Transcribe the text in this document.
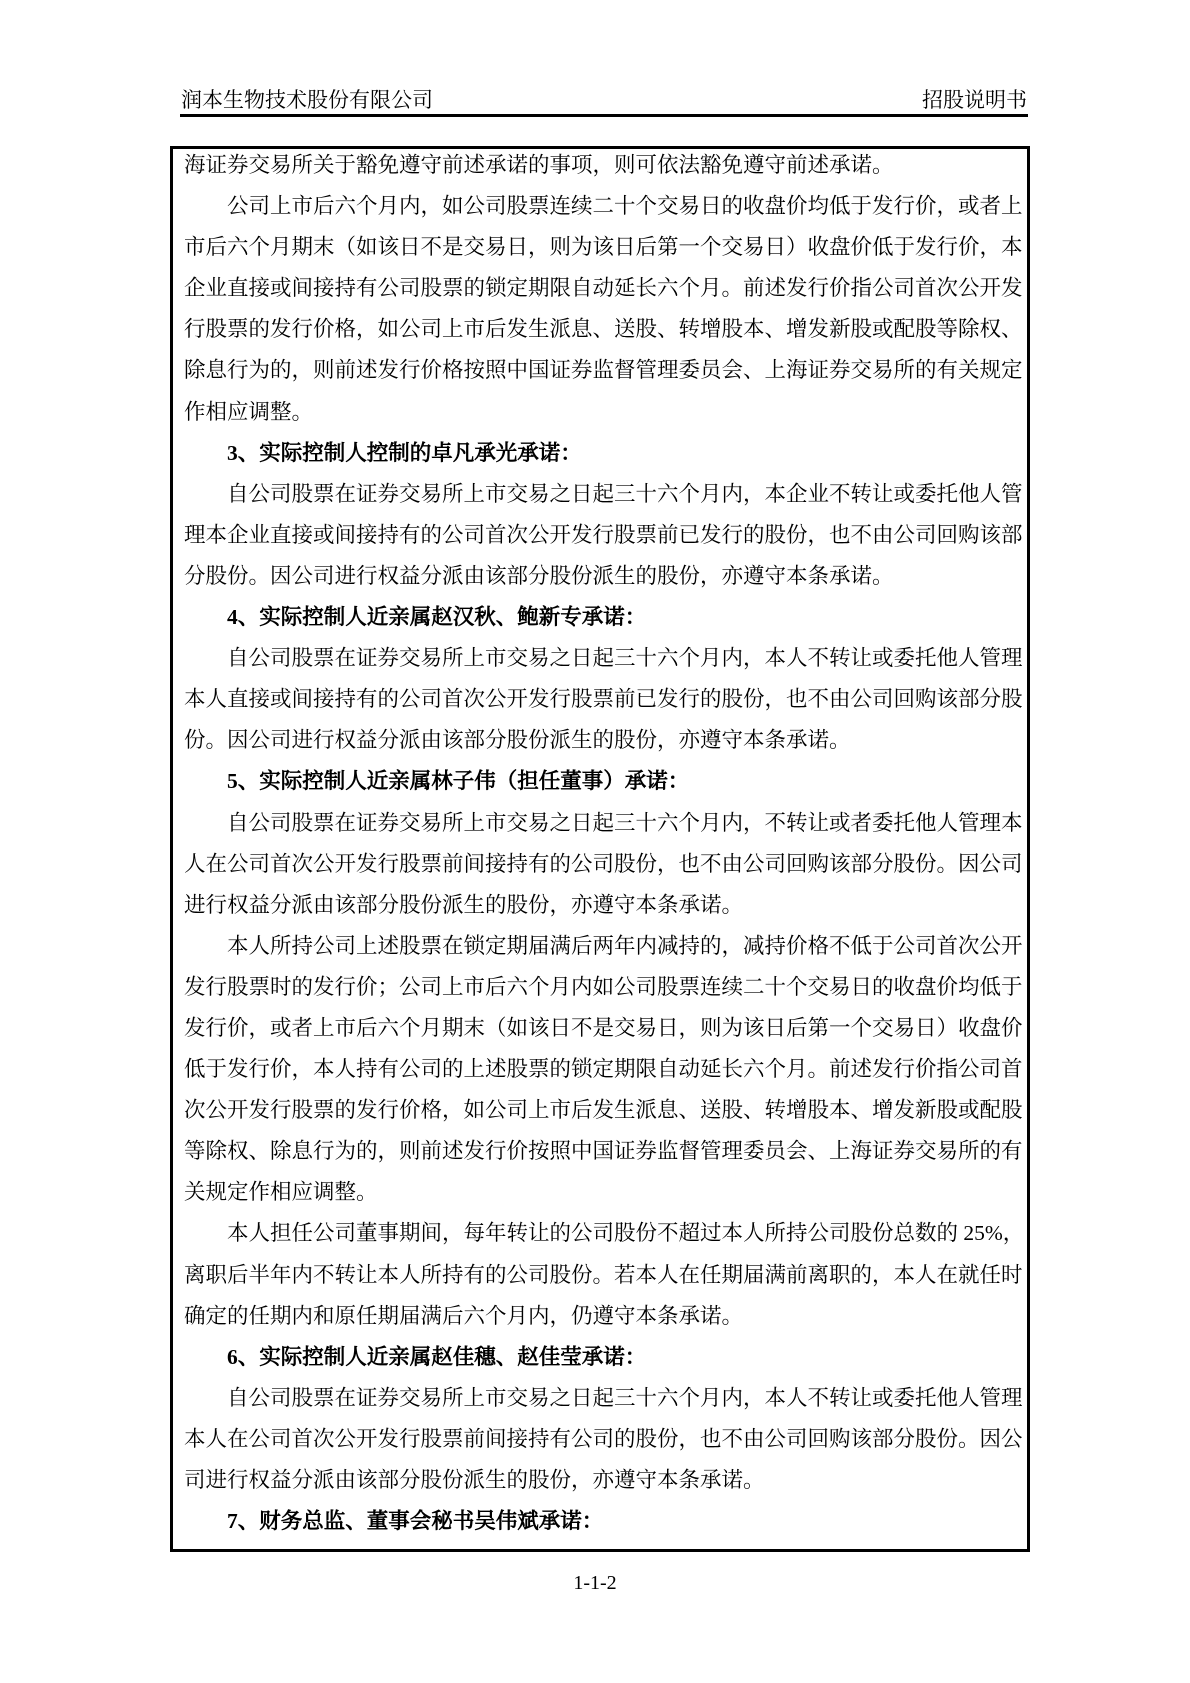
润本生物技术股份有限公司	招股说明书
海证券交易所关于豁免遵守前述承诺的事项，则可依法豁免遵守前述承诺。
公司上市后六个月内，如公司股票连续二十个交易日的收盘价均低于发行价，或者上
市后六个月期末（如该日不是交易日，则为该日后第一个交易日）收盘价低于发行价，本
企业直接或间接持有公司股票的锁定期限自动延长六个月。前述发行价指公司首次公开发
行股票的发行价格，如公司上市后发生派息、送股、转增股本、增发新股或配股等除权、
除息行为的，则前述发行价格按照中国证券监督管理委员会、上海证券交易所的有关规定
作相应调整。
3、实际控制人控制的卓凡承光承诺：
自公司股票在证券交易所上市交易之日起三十六个月内，本企业不转让或委托他人管
理本企业直接或间接持有的公司首次公开发行股票前已发行的股份，也不由公司回购该部
分股份。因公司进行权益分派由该部分股份派生的股份，亦遵守本条承诺。
4、实际控制人近亲属赵汉秋、鲍新专承诺：
自公司股票在证券交易所上市交易之日起三十六个月内，本人不转让或委托他人管理
本人直接或间接持有的公司首次公开发行股票前已发行的股份，也不由公司回购该部分股
份。因公司进行权益分派由该部分股份派生的股份，亦遵守本条承诺。
5、实际控制人近亲属林子伟（担任董事）承诺：
自公司股票在证券交易所上市交易之日起三十六个月内，不转让或者委托他人管理本
人在公司首次公开发行股票前间接持有的公司股份，也不由公司回购该部分股份。因公司
进行权益分派由该部分股份派生的股份，亦遵守本条承诺。
本人所持公司上述股票在锁定期届满后两年内减持的，减持价格不低于公司首次公开
发行股票时的发行价；公司上市后六个月内如公司股票连续二十个交易日的收盘价均低于
发行价，或者上市后六个月期末（如该日不是交易日，则为该日后第一个交易日）收盘价
低于发行价，本人持有公司的上述股票的锁定期限自动延长六个月。前述发行价指公司首
次公开发行股票的发行价格，如公司上市后发生派息、送股、转增股本、增发新股或配股
等除权、除息行为的，则前述发行价按照中国证券监督管理委员会、上海证券交易所的有
关规定作相应调整。
本人担任公司董事期间，每年转让的公司股份不超过本人所持公司股份总数的 25%，
离职后半年内不转让本人所持有的公司股份。若本人在任期届满前离职的，本人在就任时
确定的任期内和原任期届满后六个月内，仍遵守本条承诺。
6、实际控制人近亲属赵佳穗、赵佳莹承诺：
自公司股票在证券交易所上市交易之日起三十六个月内，本人不转让或委托他人管理
本人在公司首次公开发行股票前间接持有公司的股份，也不由公司回购该部分股份。因公
司进行权益分派由该部分股份派生的股份，亦遵守本条承诺。
7、财务总监、董事会秘书吴伟斌承诺：
1-1-2
